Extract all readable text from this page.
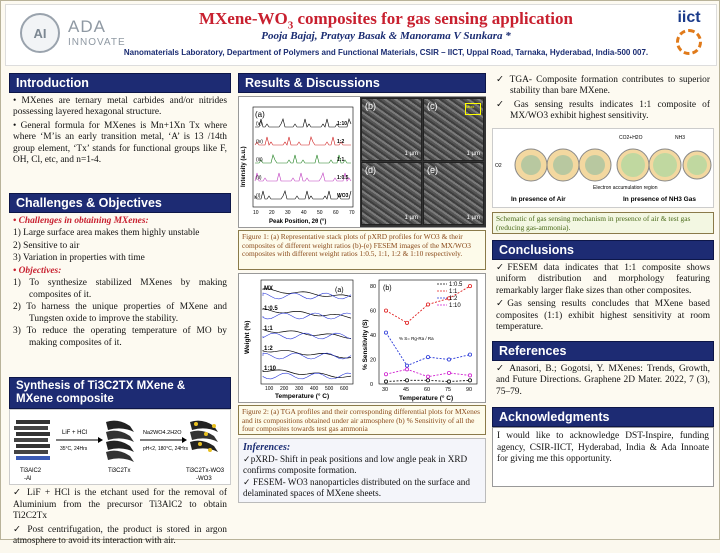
AI	ADA
INNOVATE
MXene-$WO_3$ composites for gas sensing application
Pooja Bajaj, Pratyay Basak & Manorama V Sunkara *
Nanomaterials Laboratory, Department of Polymers and Functional Materials, CSIR – IICT, Uppal Road, Tarnaka, Hyderabad, India-500 007.
iict
Introduction

• MXenes are ternary metal carbides and/or nitrides possessing layered hexagonal structure.

• General formula for MXenes is Mn+1Xn Tx where where ‘M’is an early transition metal, ‘A’ is 13 /14th group element, ‘Tx’ stands for functional groups like F, OH, Cl, etc, and n=1-4.

Challenges & Objectives
• Challenges in obtaining MXenes:
1) Large surface area makes them highly unstable
2) Sensitive to air
3) Variation in properties with time
• Objectives:
1) To synthesize stabilized MXenes by making composites of it.
2) To harness the unique properties of MXene and Tungsten oxide to improve the stability.
3) To reduce the operating temperature of MO by making composites of it.
Synthesis of Ti3C2TX MXene & MXene composite
LiF + HCl
35°C, 24Hrs
Na2WO4.2H2O
pH<2, 180°C, 24Hrs
Ti3AlC2
-Al
Ti3C2Tx	Ti3C2Tx-WO3
-WO3

✓ LiF + HCl is the etchant used for the removal of Aluminium from the precursor Ti3AlC2 to obtain Ti2C2Tx

✓ Post centrifugation, the product is stored in argon atmosphere to avoid its interaction with air.

Results & Discussions
(a)
(v)	1:10
(iv)	1:2
(iii)	1:1
(ii)	1:0.5
(i)	WO3
Peak Position, 2θ (°)
Intensity (a.u.)
10 20 30 40 50 60 70
(b)
1 µm
(c)
1 µm
Mixx
(d)
1 µm
(e)
1 µm
Figure 1: (a) Representative stack plots of pXRD profiles for WO3 & their composites of different weight ratios (b)-(e) FESEM images of the MX/WO3 composites with different weight ratios 1:0.5, 1:1, 1:2 & 1:10 respectively.
(a)
Weight (%)
Temperature (° C)
MX
1:0.5
1:1
1:2
1:10
100 200 300 400 500 600
(b)
% Sensitivity (S)
Temperature (° C)
% S= Rg-Ra / Ra
1:0.5
1:1
1:2
1:10
30	45	60	75	90
0
20
40
60
80
Figure 2: (a) TGA profiles and their corresponding differential plots for MXenes and its compositions obtained under air atmosphere (b) % Sensitivity of all the four composites towards test gas ammonia
Inferences:

✓pXRD- Shift in peak positions and low angle peak in XRD confirms composite formation.

✓ FESEM- WO3 nanoparticles distributed on the surface and delaminated spaces of MXene sheets.

✓ TGA- Composite formation contributes to superior stability than bare MXene.

✓ Gas sensing results indicates 1:1 composite of MX/WO3 exhibit highest sensitivity.

O2
CO2+H2O	NH3
Electron accumulation region
In presence of Air	In presence of NH3 Gas
Schematic of gas sensing mechanism in presence of air & test gas (reducing gas-ammonia).
Conclusions

✓FESEM data indicates that 1:1 composite shows uniform distribution and morphology featuring remarkably larger flake sizes than other composites.

✓Gas sensing results concludes that MXene based composites (1:1) exhibit highest sensitivity at room temperature.

References

✓ Anasori, B.; Gogotsi, Y. MXenes: Trends, Growth, and Future Directions. Graphene 2D Mater. 2022, 7 (3), 75–79.

Acknowledgments
I would like to acknowledge DST-Inspire, funding agency, CSIR-IICT, Hyderabad, India & Ada Innoate for giving me this opportunity.
